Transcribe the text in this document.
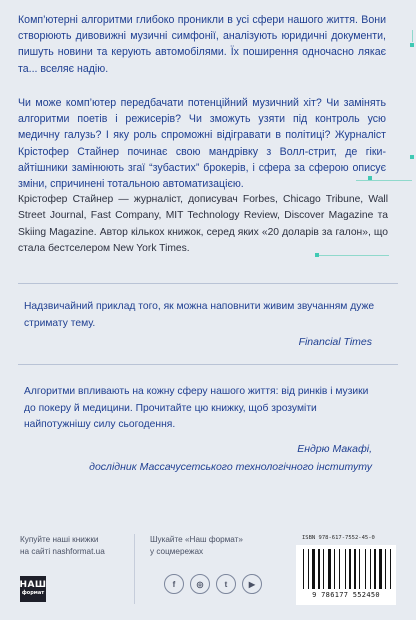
Комп’ютерні алгоритми глибоко проникли в усі сфери нашого життя. Вони створюють дивовижні музичні симфонії, аналізують юридичні документи, пишуть новини та керують автомобілями. Їх поширення одночасно лякає та... вселяє надію.

Чи може комп’ютер передбачати потенційний музичний хіт? Чи замінять алгоритми поетів і режисерів? Чи зможуть узяти під контроль усю медичну галузь? І яку роль спроможні відігравати в політиці? Журналіст Крістофер Стайнер починає свою мандрівку з Волл-стрит, де гіки-айтішники замінюють згаї “зубастих” брокерів, і сфера за сферою описує зміни, спричинені тотальною автоматизацією.

Крістофер Стайнер — журналіст, дописувач Forbes, Chicago Tribune, Wall Street Journal, Fast Company, MIT Technology Review, Discover Magazine та Skiing Magazine. Автор кількох книжок, серед яких «20 доларів за галон», що стала бестселером New York Times.

Надзвичайний приклад того, як можна наповнити живим звучанням дуже стримату тему.

Financial Times

Алгоритми впливають на кожну сферу нашого життя: від ринків і музики до покеру й медицини. Прочитайте цю книжку, щоб зрозуміти найпотужнішу силу сьогодення.

Ендрю Макафі,
дослідник Массачусетського технологічного інституту
Купуйте наші книжки
на сайті nashformat.ua
Шукайте «Наш формат»
у соцмережах
НАШ
формат
f	◎	t	▶
ISBN 978-617-7552-45-0
9 786177 552450
